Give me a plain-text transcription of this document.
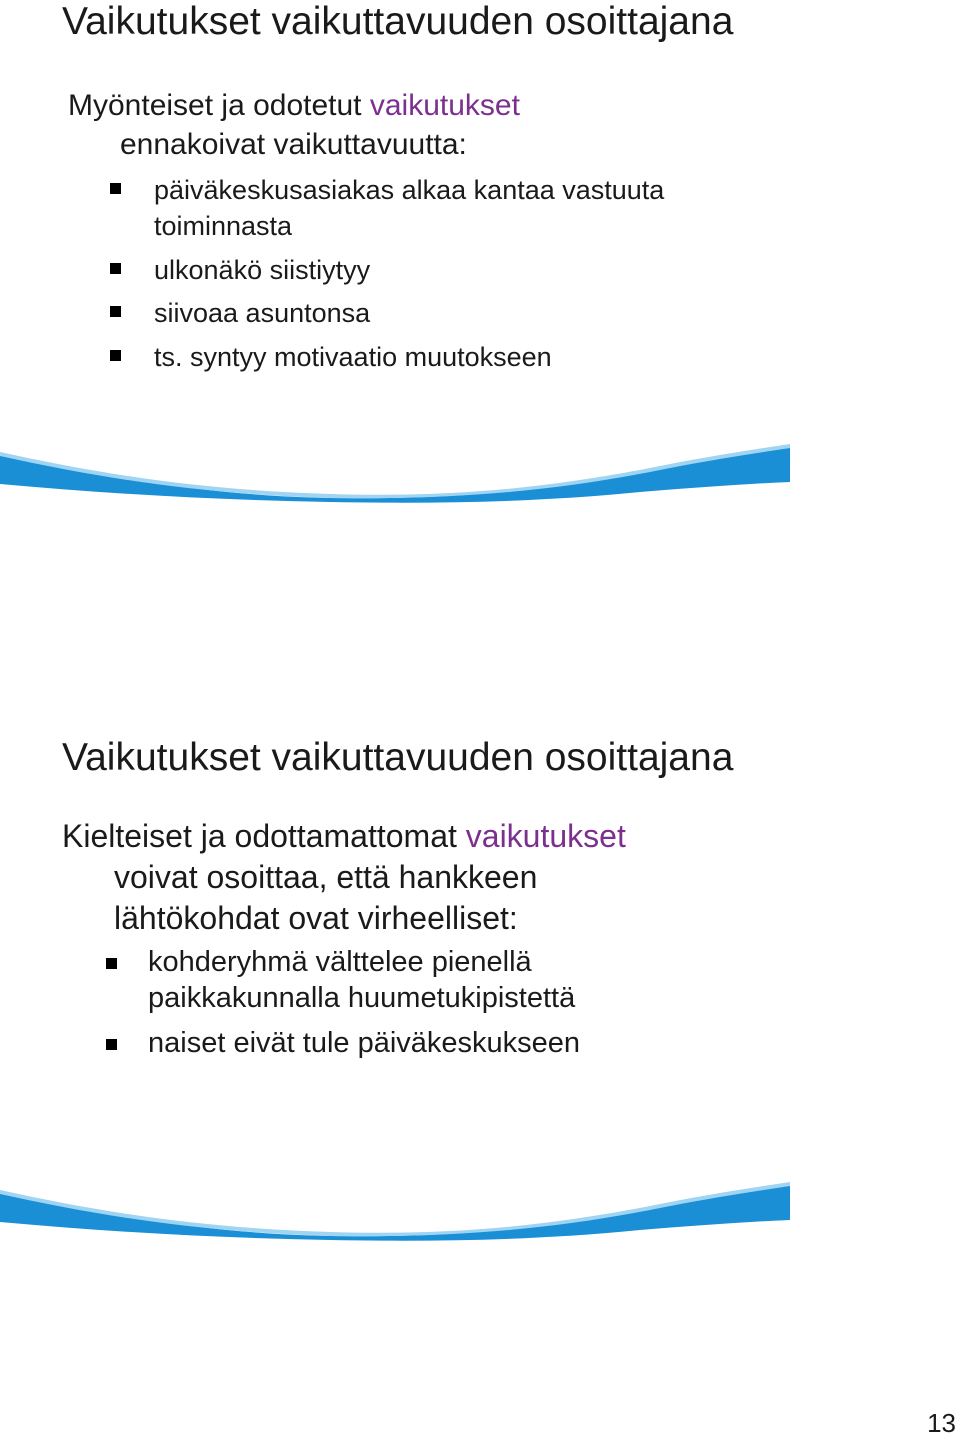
Vaikutukset vaikuttavuuden osoittajana

Myönteiset ja odotetut vaikutukset
ennakoivat vaikuttavuutta:

päiväkeskusasiakas alkaa kantaa vastuuta
toiminnasta
ulkonäkö siistiytyy
siivoaa asuntonsa
ts. syntyy motivaatio muutokseen
Vaikutukset vaikuttavuuden osoittajana

Kielteiset ja odottamattomat vaikutukset
voivat osoittaa, että hankkeen
lähtökohdat ovat virheelliset:

kohderyhmä välttelee pienellä
paikkakunnalla huumetukipistettä
naiset eivät tule päiväkeskukseen
13
